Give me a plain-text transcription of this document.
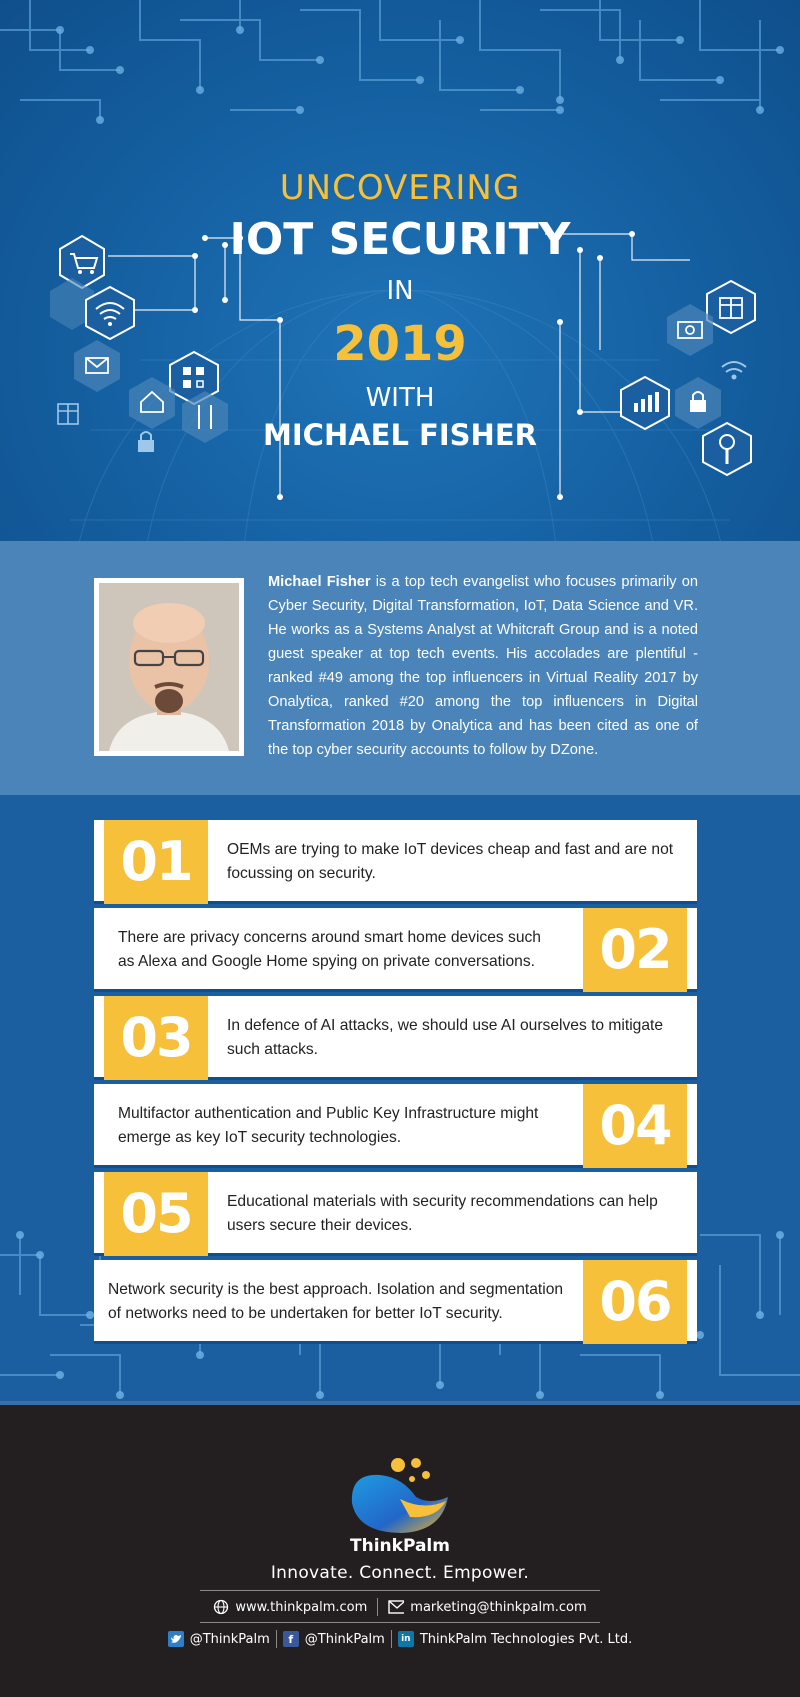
UNCOVERING
IOT SECURITY
IN
2019
WITH
MICHAEL FISHER

Michael Fisher is a top tech evangelist who focuses primarily on Cyber Security, Digital Transformation, IoT, Data Science and VR. He works as a Systems Analyst at Whitcraft Group and is a noted guest speaker at top tech events. His accolades are plentiful - ranked #49 among the top influencers in Virtual Reality 2017 by Onalytica, ranked #20 among the top influencers in Digital Transformation 2018 by Onalytica and has been cited as one of the top cyber security accounts to follow by DZone.

01	OEMs are trying to make IoT devices cheap and fast and are not focussing on security.
There are privacy concerns around smart home devices such as Alexa and Google Home spying on private conversations.	02
03	In defence of AI attacks, we should use AI ourselves to mitigate such attacks.
Multifactor authentication and Public Key Infrastructure might emerge as key IoT security technologies.	04
05	Educational materials with security recommendations can help users secure their devices.
Network security is the best approach. Isolation and segmentation of networks need to be undertaken for better IoT security.	06
ThinkPalm
Innovate. Connect. Empower.
www.thinkpalm.com	marketing@thinkpalm.com
@ThinkPalm	f @ThinkPalm	in ThinkPalm Technologies Pvt. Ltd.
